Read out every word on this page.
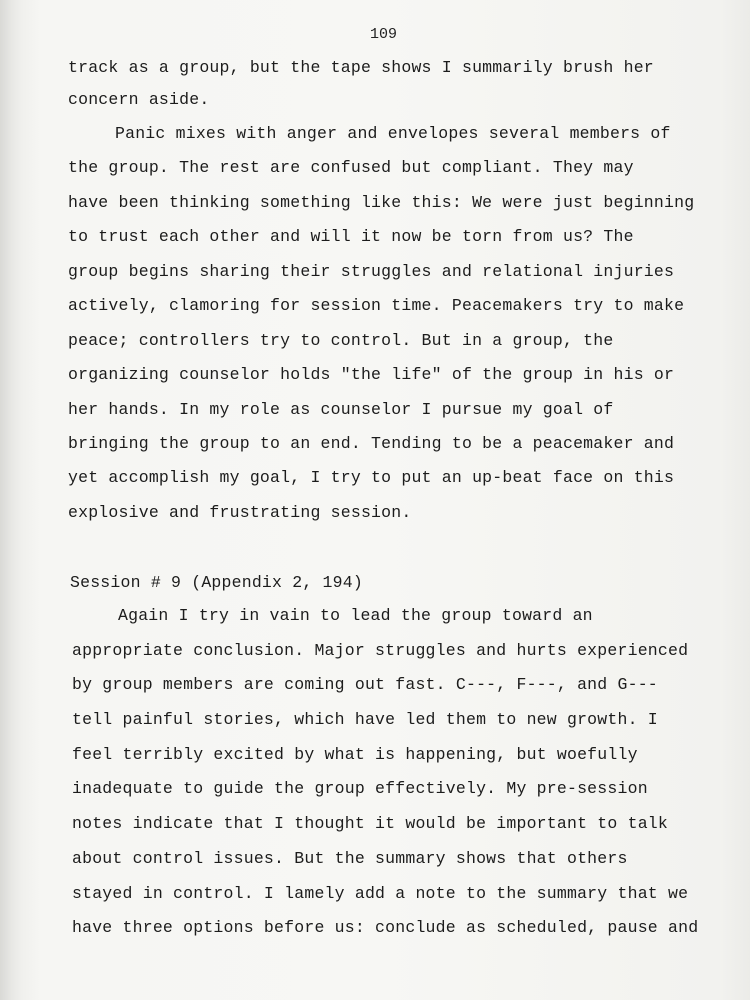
109
track as a group, but the tape shows I summarily brush her
concern aside.
Panic mixes with anger and envelopes several members of
the group. The rest are confused but compliant. They may
have been thinking something like this: We were just beginning
to trust each other and will it now be torn from us? The
group begins sharing their struggles and relational injuries
actively, clamoring for session time. Peacemakers try to make
peace; controllers try to control. But in a group, the
organizing counselor holds "the life" of the group in his or
her hands. In my role as counselor I pursue my goal of
bringing the group to an end. Tending to be a peacemaker and
yet accomplish my goal, I try to put an up-beat face on this
explosive and frustrating session.
Session # 9 (Appendix 2, 194)
Again I try in vain to lead the group toward an
appropriate conclusion. Major struggles and hurts experienced
by group members are coming out fast. C---, F---, and G---
tell painful stories, which have led them to new growth. I
feel terribly excited by what is happening, but woefully
inadequate to guide the group effectively. My pre-session
notes indicate that I thought it would be important to talk
about control issues. But the summary shows that others
stayed in control. I lamely add a note to the summary that we
have three options before us: conclude as scheduled, pause and
